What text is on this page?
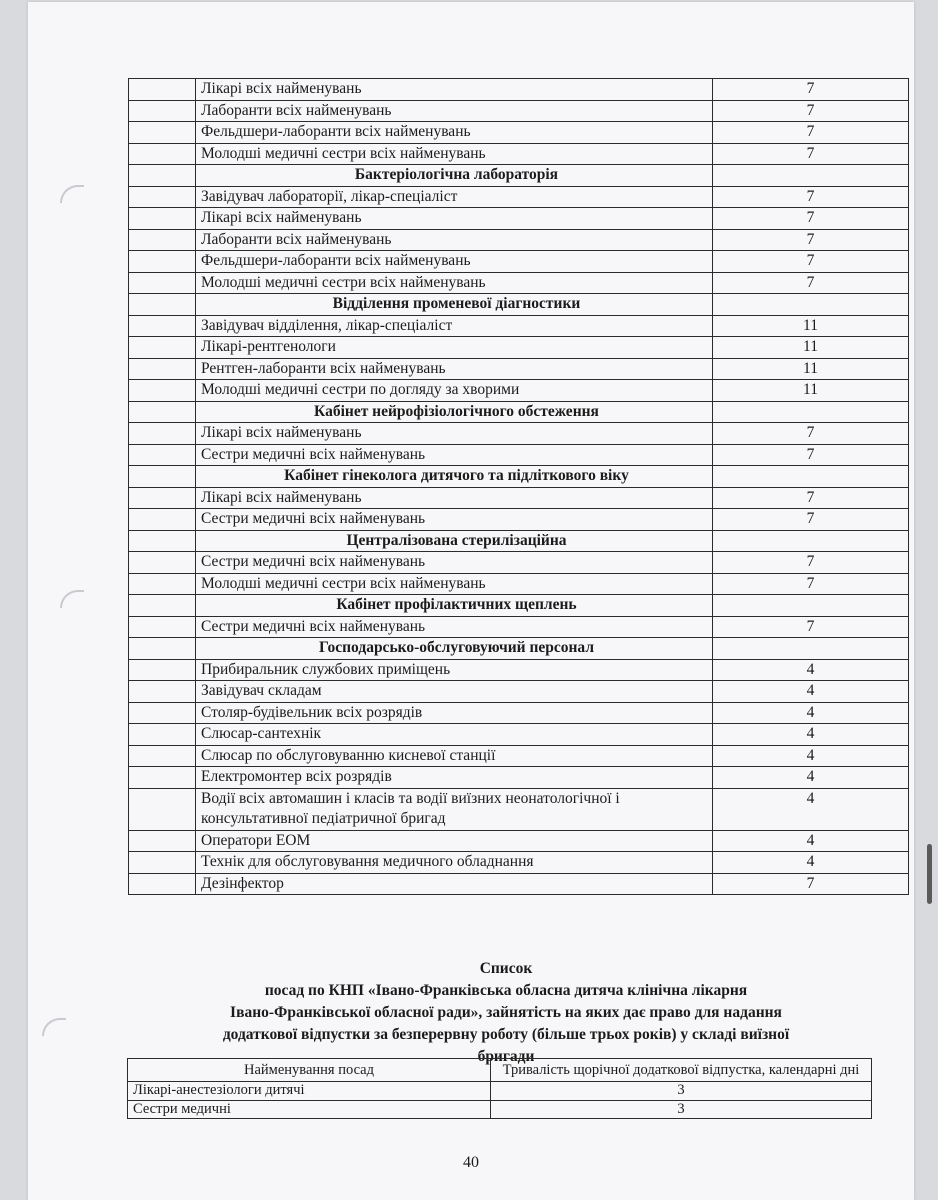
	Лікарі всіх найменувань	7
	Лаборанти всіх найменувань	7
	Фельдшери-лаборанти всіх найменувань	7
	Молодші медичні сестри всіх найменувань	7
	Бактеріологічна лабораторія	
	Завідувач лабораторії, лікар-спеціаліст	7
	Лікарі всіх найменувань	7
	Лаборанти всіх найменувань	7
	Фельдшери-лаборанти всіх найменувань	7
	Молодші медичні сестри всіх найменувань	7
	Відділення променевої діагностики	
	Завідувач відділення, лікар-спеціаліст	11
	Лікарі-рентгенологи	11
	Рентген-лаборанти всіх найменувань	11
	Молодші медичні сестри по догляду за хворими	11
	Кабінет нейрофізіологічного обстеження	
	Лікарі всіх найменувань	7
	Сестри медичні всіх найменувань	7
	Кабінет гінеколога дитячого та підліткового віку	
	Лікарі всіх найменувань	7
	Сестри медичні всіх найменувань	7
	Централізована стерилізаційна	
	Сестри медичні всіх найменувань	7
	Молодші медичні сестри всіх найменувань	7
	Кабінет профілактичних щеплень	
	Сестри медичні всіх найменувань	7
	Господарсько-обслуговуючий персонал	
	Прибиральник службових приміщень	4
	Завідувач складам	4
	Столяр-будівельник всіх розрядів	4
	Слюсар-сантехнік	4
	Слюсар по обслуговуванню кисневої станції	4
	Електромонтер всіх розрядів	4
	Водії всіх автомашин і класів та водії виїзних неонатологічної і консультативної педіатричної бригад	4
	Оператори ЕОМ	4
	Технік для обслуговування медичного обладнання	4
	Дезінфектор	7
Список
посад по КНП «Івано-Франківська обласна дитяча клінічна лікарня
Івано-Франківської обласної ради», зайнятість на яких дає право для надання
додаткової відпустки за безперервну роботу (більше трьох років) у складі виїзної
бригади
Найменування посад	Тривалість щорічної додаткової відпустка, календарні дні
Лікарі-анестезіологи дитячі	3
Сестри медичні	3
40
